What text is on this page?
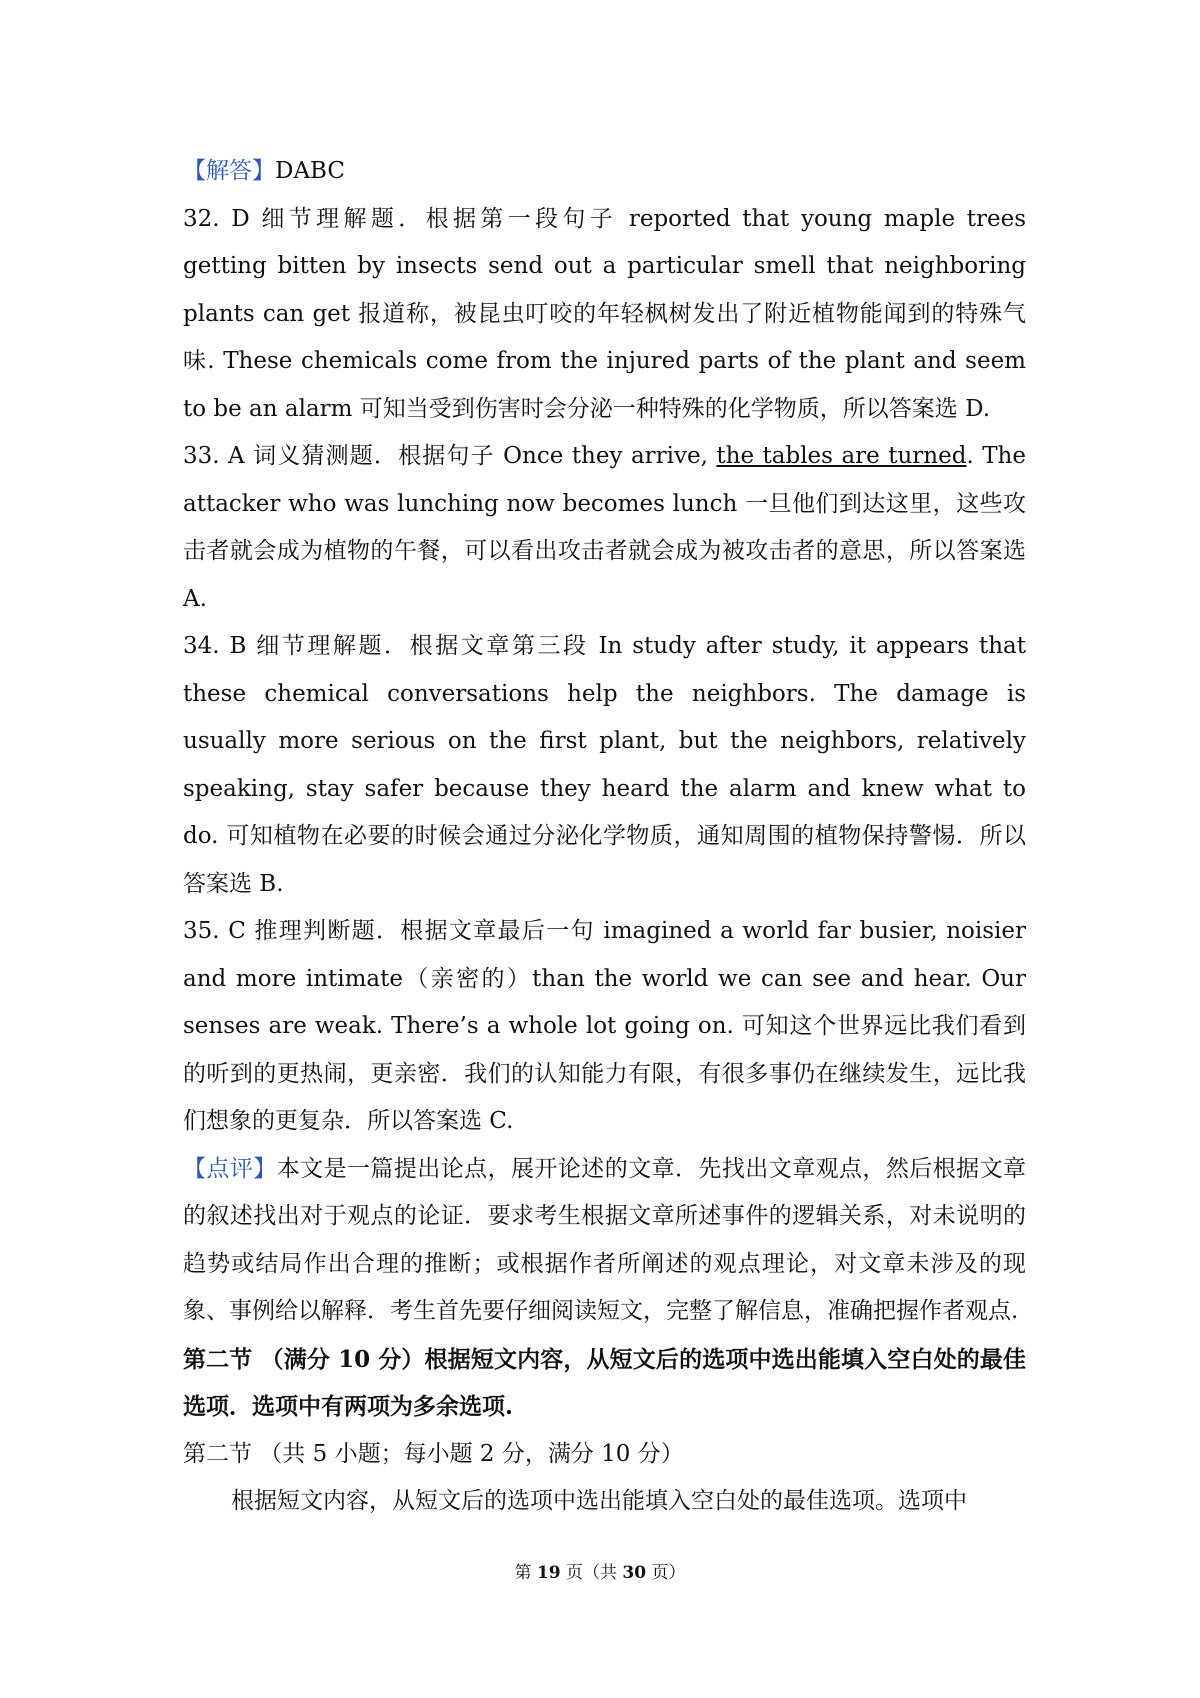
【解答】DABC

32. D 细节理解题．根据第一段句子 reported that young maple trees getting bitten by insects send out a particular smell that neighboring plants can get 报道称，被昆虫叮咬的年轻枫树发出了附近植物能闻到的特殊气味. These chemicals come from the injured parts of the plant and seem to be an alarm 可知当受到伤害时会分泌一种特殊的化学物质，所以答案选 D.

33. A 词义猜测题．根据句子 Once they arrive, the tables are turned. The attacker who was lunching now becomes lunch 一旦他们到达这里，这些攻击者就会成为植物的午餐，可以看出攻击者就会成为被攻击者的意思，所以答案选 A.

34. B 细节理解题．根据文章第三段 In study after study, it appears that these chemical conversations help the neighbors. The damage is usually more serious on the first plant, but the neighbors, relatively speaking, stay safer because they heard the alarm and knew what to do. 可知植物在必要的时候会通过分泌化学物质，通知周围的植物保持警惕．所以答案选 B.

35. C 推理判断题．根据文章最后一句 imagined a world far busier, noisier and more intimate（亲密的）than the world we can see and hear. Our senses are weak. There’s a whole lot going on. 可知这个世界远比我们看到的听到的更热闹，更亲密．我们的认知能力有限，有很多事仍在继续发生，远比我们想象的更复杂．所以答案选 C.

【点评】本文是一篇提出论点，展开论述的文章．先找出文章观点，然后根据文章的叙述找出对于观点的论证．要求考生根据文章所述事件的逻辑关系，对未说明的趋势或结局作出合理的推断；或根据作者所阐述的观点理论，对文章未涉及的现象、事例给以解释．考生首先要仔细阅读短文，完整了解信息，准确把握作者观点.

第二节 （满分 10 分）根据短文内容，从短文后的选项中选出能填入空白处的最佳选项．选项中有两项为多余选项.

第二节 （共 5 小题；每小题 2 分，满分 10 分）

根据短文内容，从短文后的选项中选出能填入空白处的最佳选项。选项中

第 19 页（共 30 页）
